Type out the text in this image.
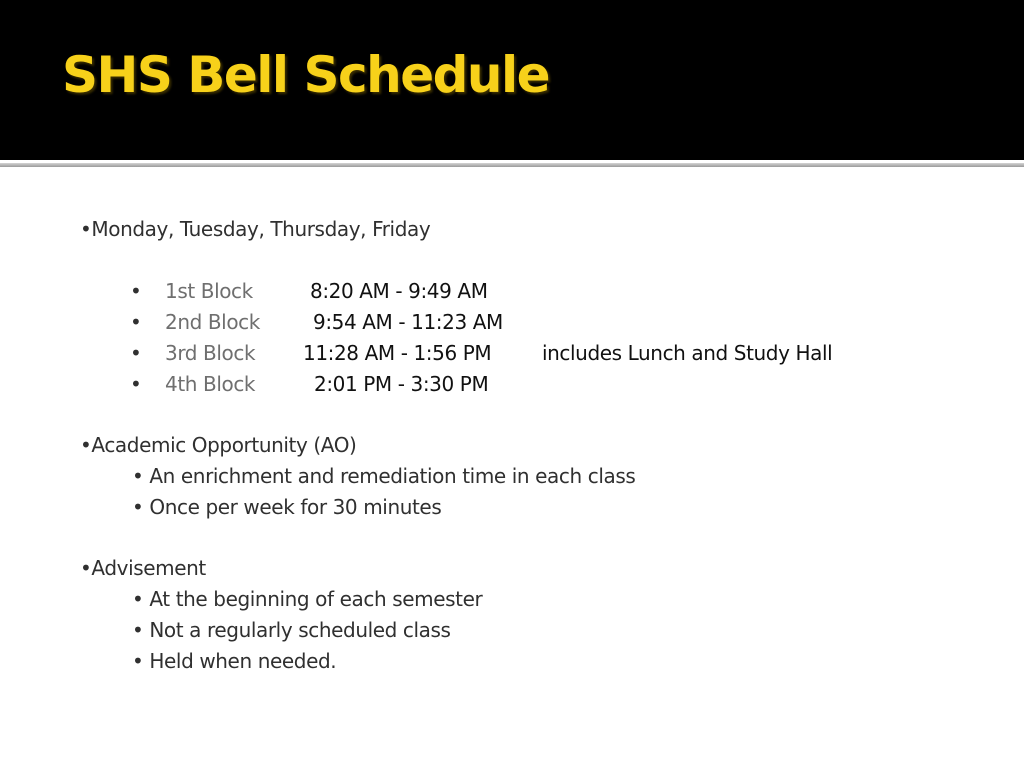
SHS Bell Schedule
•Monday, Tuesday, Thursday, Friday
• 1st Block	8:20 AM - 9:49 AM
• 2nd Block	9:54 AM - 11:23 AM
• 3rd Block 11:28 AM - 1:56 PM	includes Lunch and Study Hall
• 4th Block	2:01 PM - 3:30 PM
•Academic Opportunity (AO)
• An enrichment and remediation time in each class
• Once per week for 30 minutes
•Advisement
• At the beginning of each semester
• Not a regularly scheduled class
• Held when needed.
